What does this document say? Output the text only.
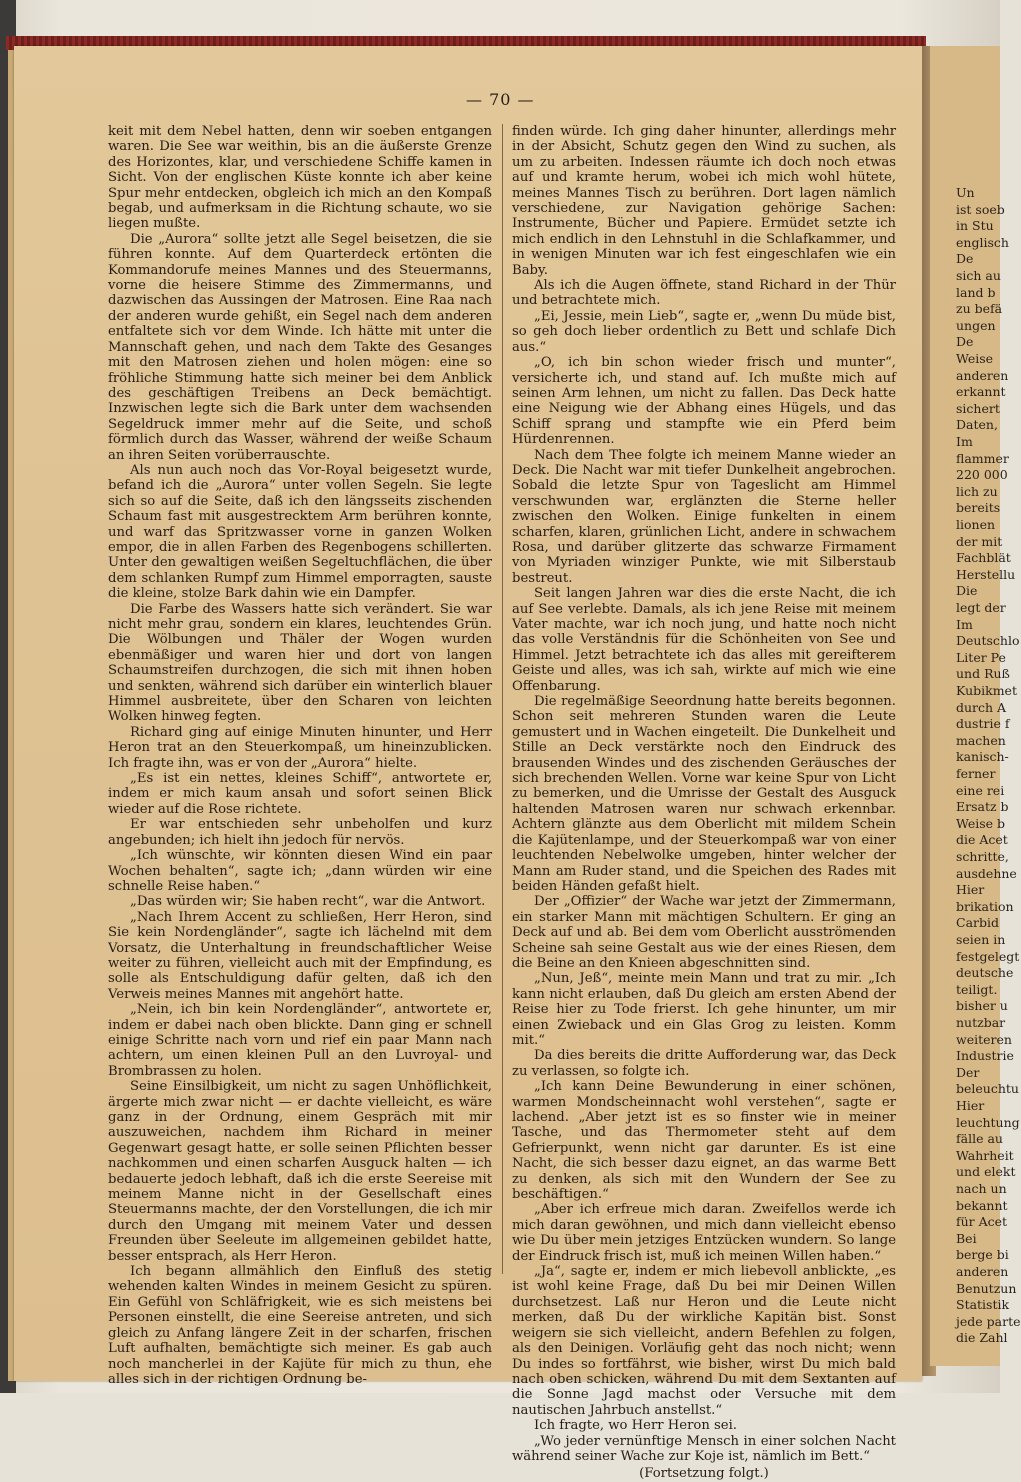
Un
ist soeb
in Stu
englisch
De
sich au
land b
zu befä
ungen
De
Weise
anderen
erkannt
sichert
Daten,
Im
flammer
220 000
lich zu
bereits
lionen
der mit
Fachblät
Herstellu
Die
legt der
Im
Deutschlo
Liter Pe
und Ruß
Kubikmet
durch A
dustrie f
machen
kanisch-
ferner
eine rei
Ersatz b
Weise b
die Acet
schritte,
ausdehne
Hier
brikation
Carbid
seien in
festgelegt
deutsche
teiligt.
bisher u
nutzbar
weiteren
Industrie
Der
beleuchtu
Hier
leuchtung
fälle au
Wahrheit
und elekt
nach un
bekannt
für Acet
Bei
berge bi
anderen
Benutzun
Statistik
jede parte
die Zahl
— 70 —

keit mit dem Nebel hatten, denn wir soeben entgangen waren. Die See war weithin, bis an die äußerste Grenze des Horizontes, klar, und verschiedene Schiffe kamen in Sicht. Von der englischen Küste konnte ich aber keine Spur mehr entdecken, obgleich ich mich an den Kompaß begab, und aufmerksam in die Richtung schaute, wo sie liegen mußte.

Die „Aurora“ sollte jetzt alle Segel beisetzen, die sie führen konnte. Auf dem Quarterdeck ertönten die Kommandorufe meines Mannes und des Steuermanns, vorne die heisere Stimme des Zimmermanns, und dazwischen das Aussingen der Matrosen. Eine Raa nach der anderen wurde gehißt, ein Segel nach dem anderen entfaltete sich vor dem Winde. Ich hätte mit unter die Mannschaft gehen, und nach dem Takte des Gesanges mit den Matrosen ziehen und holen mögen: eine so fröhliche Stimmung hatte sich meiner bei dem Anblick des geschäftigen Treibens an Deck bemächtigt. Inzwischen legte sich die Bark unter dem wachsenden Segeldruck immer mehr auf die Seite, und schoß förmlich durch das Wasser, während der weiße Schaum an ihren Seiten vorüberrauschte.

Als nun auch noch das Vor-Royal beigesetzt wurde, befand ich die „Aurora“ unter vollen Segeln. Sie legte sich so auf die Seite, daß ich den längsseits zischenden Schaum fast mit ausgestrecktem Arm berühren konnte, und warf das Spritzwasser vorne in ganzen Wolken empor, die in allen Farben des Regenbogens schillerten. Unter den gewaltigen weißen Segeltuchflächen, die über dem schlanken Rumpf zum Himmel emporragten, sauste die kleine, stolze Bark dahin wie ein Dampfer.

Die Farbe des Wassers hatte sich verändert. Sie war nicht mehr grau, sondern ein klares, leuchtendes Grün. Die Wölbungen und Thäler der Wogen wurden ebenmäßiger und waren hier und dort von langen Schaumstreifen durchzogen, die sich mit ihnen hoben und senkten, während sich darüber ein winterlich blauer Himmel ausbreitete, über den Scharen von leichten Wolken hinweg fegten.

Richard ging auf einige Minuten hinunter, und Herr Heron trat an den Steuerkompaß, um hineinzublicken. Ich fragte ihn, was er von der „Aurora“ hielte.

„Es ist ein nettes, kleines Schiff“, antwortete er, indem er mich kaum ansah und sofort seinen Blick wieder auf die Rose richtete.

Er war entschieden sehr unbeholfen und kurz angebunden; ich hielt ihn jedoch für nervös.

„Ich wünschte, wir könnten diesen Wind ein paar Wochen behalten“, sagte ich; „dann würden wir eine schnelle Reise haben.“

„Das würden wir; Sie haben recht“, war die Antwort.

„Nach Ihrem Accent zu schließen, Herr Heron, sind Sie kein Nordengländer“, sagte ich lächelnd mit dem Vorsatz, die Unterhaltung in freundschaftlicher Weise weiter zu führen, vielleicht auch mit der Empfindung, es solle als Entschuldigung dafür gelten, daß ich den Verweis meines Mannes mit angehört hatte.

„Nein, ich bin kein Nordengländer“, antwortete er, indem er dabei nach oben blickte. Dann ging er schnell einige Schritte nach vorn und rief ein paar Mann nach achtern, um einen kleinen Pull an den Luvroyal- und Brombrassen zu holen.

Seine Einsilbigkeit, um nicht zu sagen Unhöflichkeit, ärgerte mich zwar nicht — er dachte vielleicht, es wäre ganz in der Ordnung, einem Gespräch mit mir auszuweichen, nachdem ihm Richard in meiner Gegenwart gesagt hatte, er solle seinen Pflichten besser nachkommen und einen scharfen Ausguck halten — ich bedauerte jedoch lebhaft, daß ich die erste Seereise mit meinem Manne nicht in der Gesellschaft eines Steuermanns machte, der den Vorstellungen, die ich mir durch den Umgang mit meinem Vater und dessen Freunden über Seeleute im allgemeinen gebildet hatte, besser entsprach, als Herr Heron.

Ich begann allmählich den Einfluß des stetig wehenden kalten Windes in meinem Gesicht zu spüren. Ein Gefühl von Schläfrigkeit, wie es sich meistens bei Personen einstellt, die eine Seereise antreten, und sich gleich zu Anfang längere Zeit in der scharfen, frischen Luft aufhalten, bemächtigte sich meiner. Es gab auch noch mancherlei in der Kajüte für mich zu thun, ehe alles sich in der richtigen Ordnung be-

finden würde. Ich ging daher hinunter, allerdings mehr in der Absicht, Schutz gegen den Wind zu suchen, als um zu arbeiten. Indessen räumte ich doch noch etwas auf und kramte herum, wobei ich mich wohl hütete, meines Mannes Tisch zu berühren. Dort lagen nämlich verschiedene, zur Navigation gehörige Sachen: Instrumente, Bücher und Papiere. Ermüdet setzte ich mich endlich in den Lehnstuhl in die Schlafkammer, und in wenigen Minuten war ich fest eingeschlafen wie ein Baby.

Als ich die Augen öffnete, stand Richard in der Thür und betrachtete mich.

„Ei, Jessie, mein Lieb“, sagte er, „wenn Du müde bist, so geh doch lieber ordentlich zu Bett und schlafe Dich aus.“

„O, ich bin schon wieder frisch und munter“, versicherte ich, und stand auf. Ich mußte mich auf seinen Arm lehnen, um nicht zu fallen. Das Deck hatte eine Neigung wie der Abhang eines Hügels, und das Schiff sprang und stampfte wie ein Pferd beim Hürdenrennen.

Nach dem Thee folgte ich meinem Manne wieder an Deck. Die Nacht war mit tiefer Dunkelheit angebrochen. Sobald die letzte Spur von Tageslicht am Himmel verschwunden war, erglänzten die Sterne heller zwischen den Wolken. Einige funkelten in einem scharfen, klaren, grünlichen Licht, andere in schwachem Rosa, und darüber glitzerte das schwarze Firmament von Myriaden winziger Punkte, wie mit Silberstaub bestreut.

Seit langen Jahren war dies die erste Nacht, die ich auf See verlebte. Damals, als ich jene Reise mit meinem Vater machte, war ich noch jung, und hatte noch nicht das volle Verständnis für die Schönheiten von See und Himmel. Jetzt betrachtete ich das alles mit gereifterem Geiste und alles, was ich sah, wirkte auf mich wie eine Offenbarung.

Die regelmäßige Seeordnung hatte bereits begonnen. Schon seit mehreren Stunden waren die Leute gemustert und in Wachen eingeteilt. Die Dunkelheit und Stille an Deck verstärkte noch den Eindruck des brausenden Windes und des zischenden Geräusches der sich brechenden Wellen. Vorne war keine Spur von Licht zu bemerken, und die Umrisse der Gestalt des Ausguck haltenden Matrosen waren nur schwach erkennbar. Achtern glänzte aus dem Oberlicht mit mildem Schein die Kajütenlampe, und der Steuerkompaß war von einer leuchtenden Nebelwolke umgeben, hinter welcher der Mann am Ruder stand, und die Speichen des Rades mit beiden Händen gefaßt hielt.

Der „Offizier“ der Wache war jetzt der Zimmermann, ein starker Mann mit mächtigen Schultern. Er ging an Deck auf und ab. Bei dem vom Oberlicht ausströmenden Scheine sah seine Gestalt aus wie der eines Riesen, dem die Beine an den Knieen abgeschnitten sind.

„Nun, Jeß“, meinte mein Mann und trat zu mir. „Ich kann nicht erlauben, daß Du gleich am ersten Abend der Reise hier zu Tode frierst. Ich gehe hinunter, um mir einen Zwieback und ein Glas Grog zu leisten. Komm mit.“

Da dies bereits die dritte Aufforderung war, das Deck zu verlassen, so folgte ich.

„Ich kann Deine Bewunderung in einer schönen, warmen Mondscheinnacht wohl verstehen“, sagte er lachend. „Aber jetzt ist es so finster wie in meiner Tasche, und das Thermometer steht auf dem Gefrierpunkt, wenn nicht gar darunter. Es ist eine Nacht, die sich besser dazu eignet, an das warme Bett zu denken, als sich mit den Wundern der See zu beschäftigen.“

„Aber ich erfreue mich daran. Zweifellos werde ich mich daran gewöhnen, und mich dann vielleicht ebenso wie Du über mein jetziges Entzücken wundern. So lange der Eindruck frisch ist, muß ich meinen Willen haben.“

„Ja“, sagte er, indem er mich liebevoll anblickte, „es ist wohl keine Frage, daß Du bei mir Deinen Willen durchsetzest. Laß nur Heron und die Leute nicht merken, daß Du der wirkliche Kapitän bist. Sonst weigern sie sich vielleicht, andern Befehlen zu folgen, als den Deinigen. Vorläufig geht das noch nicht; wenn Du indes so fortfährst, wie bisher, wirst Du mich bald nach oben schicken, während Du mit dem Sextanten auf die Sonne Jagd machst oder Versuche mit dem nautischen Jahrbuch anstellst.“

Ich fragte, wo Herr Heron sei.

„Wo jeder vernünftige Mensch in einer solchen Nacht während seiner Wache zur Koje ist, nämlich im Bett.“

(Fortsetzung folgt.)
